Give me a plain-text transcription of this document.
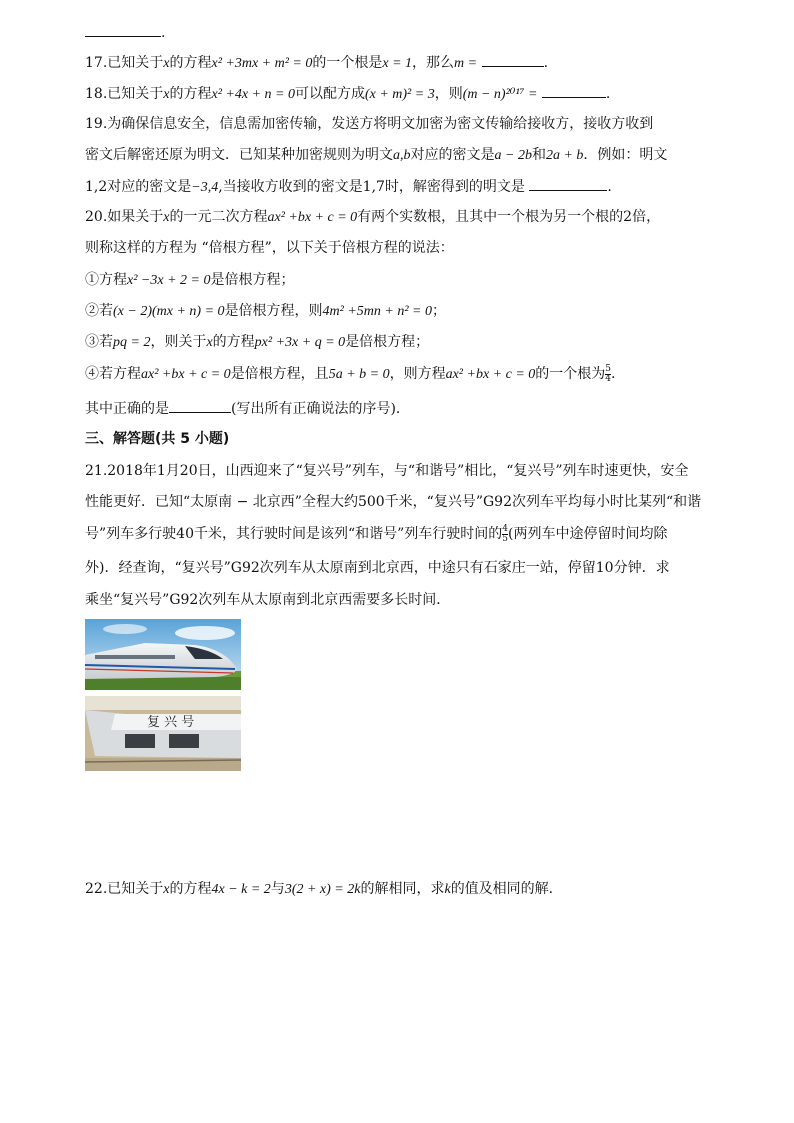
.
17.已知关于x的方程x² +3mx + m² = 0的一个根是x = 1，那么m =	.
18.已知关于x的方程x² +4x + n = 0可以配方成(x + m)² = 3，则(m − n)²⁰¹⁷ =	.
19.为确保信息安全，信息需加密传输，发送方将明文加密为密文传输给接收方，接收方收到
密文后解密还原为明文．已知某种加密规则为明文a,b对应的密文是a − 2b和2a + b．例如：明文
1,2对应的密文是−3,4,当接收方收到的密文是1,7时，解密得到的明文是	.
20.如果关于x的一元二次方程ax² +bx + c = 0有两个实数根，且其中一个根为另一个根的2倍，
则称这样的方程为 “倍根方程”，以下关于倍根方程的说法：
①方程x² −3x + 2 = 0是倍根方程；
②若(x − 2)(mx + n) = 0是倍根方程，则4m² +5mn + n² = 0；
③若pq = 2，则关于x的方程px² +3x + q = 0是倍根方程；
④若方程ax² +bx + c = 0是倍根方程，且5a + b = 0，则方程ax² +bx + c = 0的一个根为 $\frac{5}{4}$ .
其中正确的是	(写出所有正确说法的序号)．
三、解答题(共 5 小题)
21.2018年1月20日，山西迎来了“复兴号”列车，与“和谐号”相比，“复兴号”列车时速更快，安全
性能更好．已知“太原南 − 北京西”全程大约500千米，“复兴号”G92次列车平均每小时比某列“和谐
号”列车多行驶40千米，其行驶时间是该列“和谐号”列车行驶时间的 $\frac{4}{5}$ (两列车中途停留时间均除
外)．经查询，“复兴号”G92次列车从太原南到北京西，中途只有石家庄一站，停留10分钟．求
乘坐“复兴号”G92次列车从太原南到北京西需要多长时间．
复 兴 号
22.已知关于x的方程4x − k = 2与3(2 + x) = 2k的解相同，求k的值及相同的解.
